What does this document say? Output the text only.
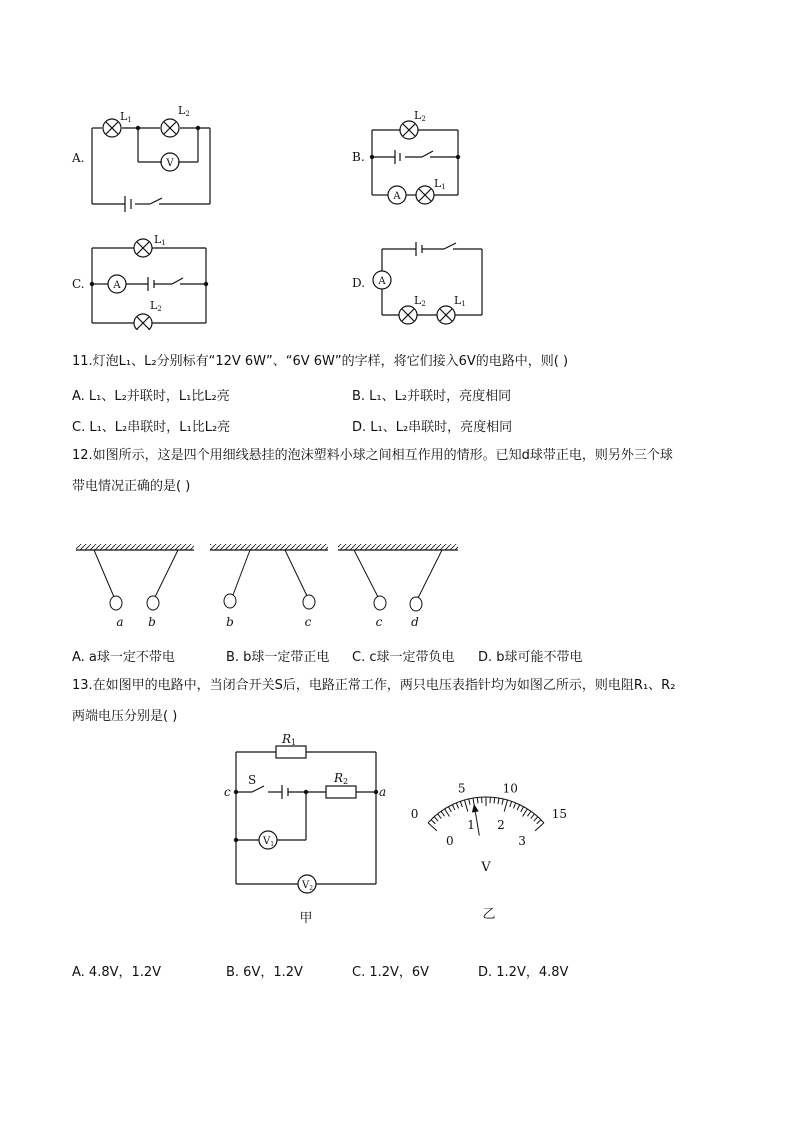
A.	V
L1
L2
B.
A
L2
L1
C.	A
L1
L2
D. A
L2	L1
11.灯泡L₁、L₂分别标有“12V 6W”、“6V 6W”的字样，将它们接入6V的电路中，则( )
A. L₁、L₂并联时，L₁比L₂亮	B. L₁、L₂并联时，亮度相同
C. L₁、L₂串联时，L₁比L₂亮	D. L₁、L₂串联时，亮度相同
12.如图所示，这是四个用细线悬挂的泡沫塑料小球之间相互作用的情形。已知d球带正电，则另外三个球
带电情况正确的是( )
a b	b	c	c d
A. a球一定不带电	B. b球一定带正电 C. c球一定带负电 D. b球可能不带电
13.在如图甲的电路中，当闭合开关S后，电路正常工作，两只电压表指针均为如图乙所示，则电阻R₁、R₂
两端电压分别是( )
R1
R2
S
c	a
$V_1$
$V_2$
甲
0
5	10
15
0
1 2
3
V
乙
A. 4.8V，1.2V	B. 6V，1.2V	C. 1.2V，6V	D. 1.2V，4.8V
